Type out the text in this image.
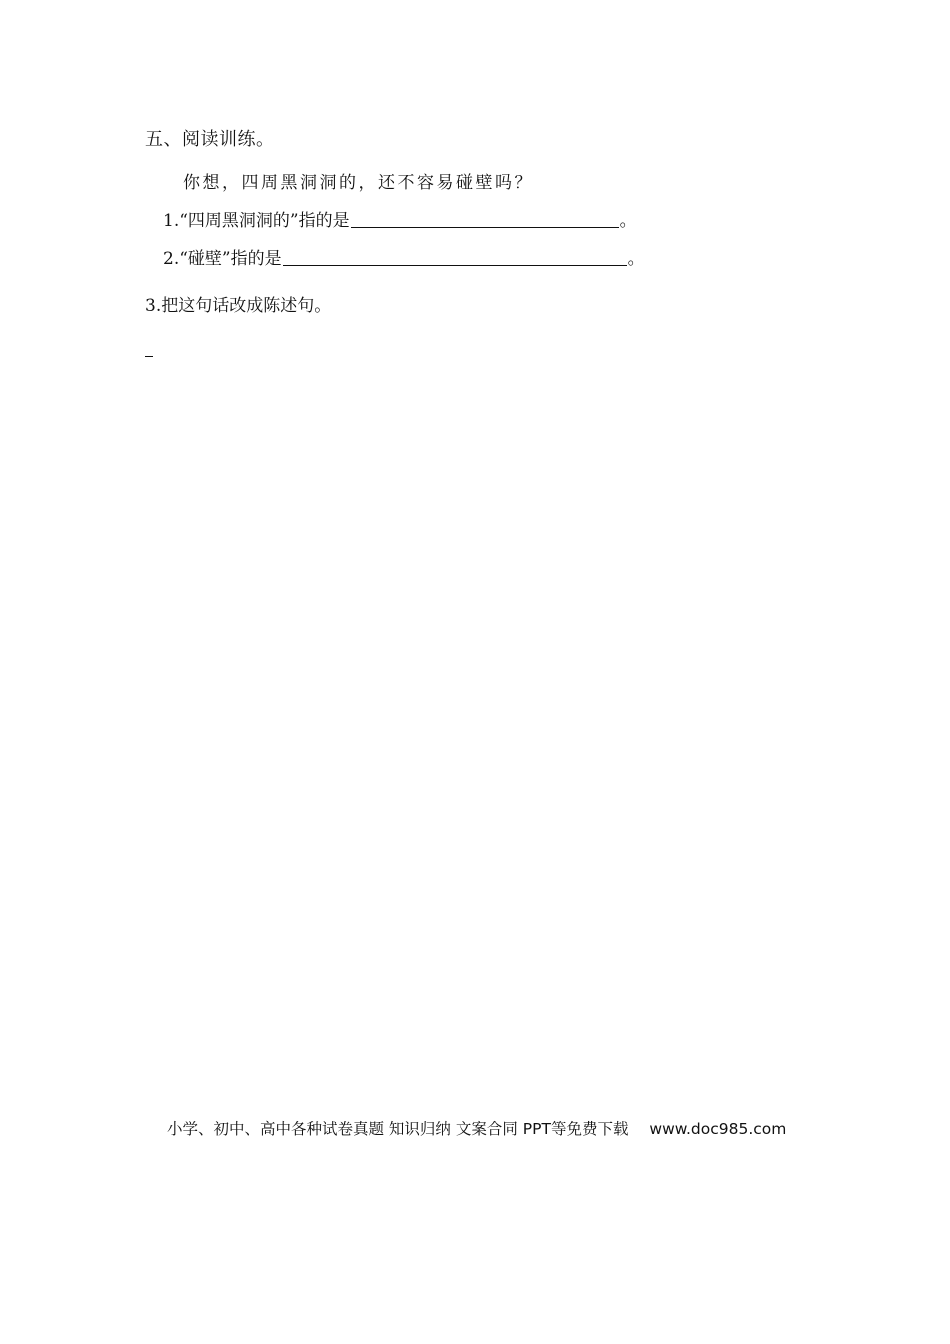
五、阅读训练。
你想，四周黑洞洞的，还不容易碰壁吗？
1.“四周黑洞洞的”指的是	。
2.“碰壁”指的是	。
3.把这句话改成陈述句。
小学、初中、高中各种试卷真题 知识归纳 文案合同 PPT等免费下载 www.doc985.com
